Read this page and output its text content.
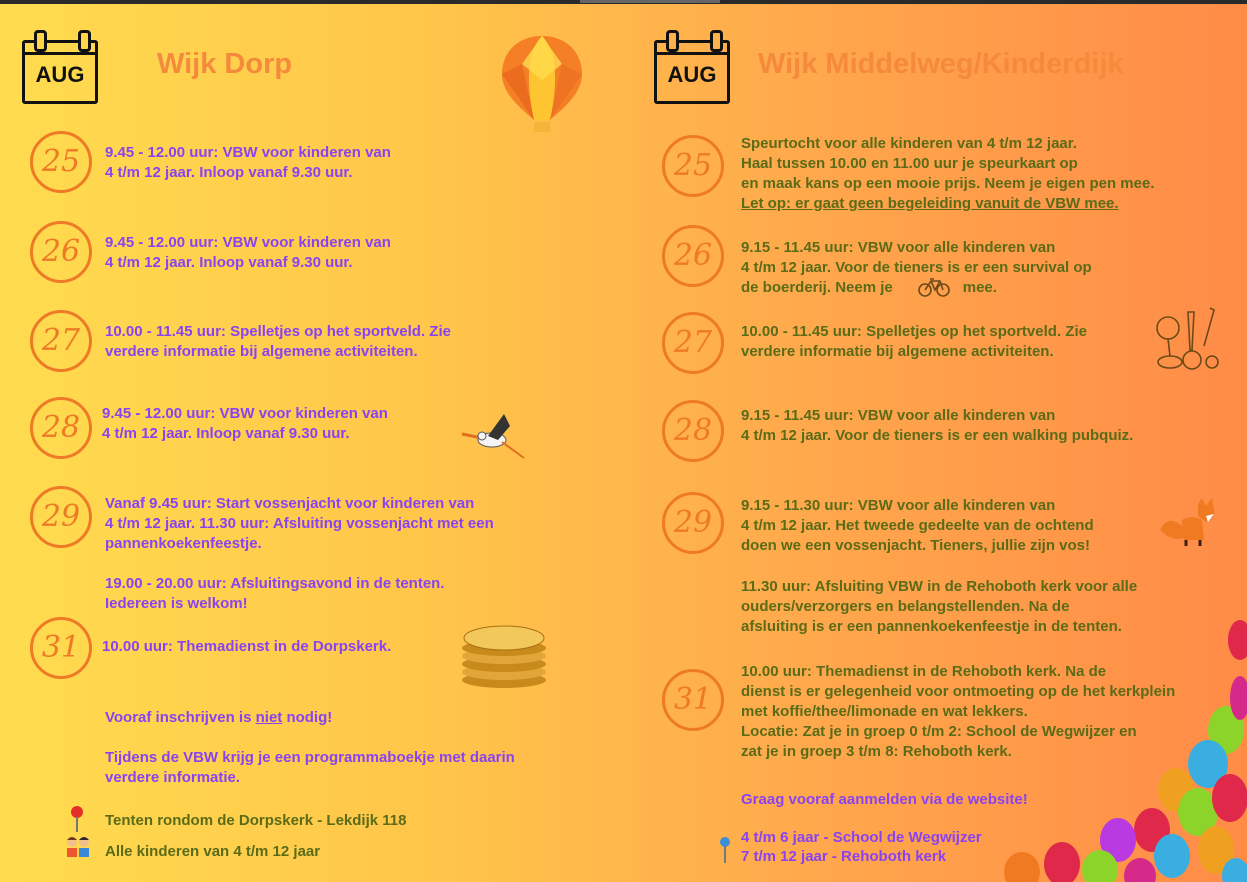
AUG	Wijk Dorp
25	9.45 - 12.00 uur: VBW voor kinderen van
4 t/m 12 jaar. Inloop vanaf 9.30 uur.
26	9.45 - 12.00 uur: VBW voor kinderen van
4 t/m 12 jaar. Inloop vanaf 9.30 uur.
27	10.00 - 11.45 uur: Spelletjes op het sportveld. Zie
verdere informatie bij algemene activiteiten.
28	9.45 - 12.00 uur: VBW voor kinderen van
4 t/m 12 jaar. Inloop vanaf 9.30 uur.
29	Vanaf 9.45 uur: Start vossenjacht voor kinderen van
4 t/m 12 jaar. 11.30 uur: Afsluiting vossenjacht met een
pannenkoekenfeestje.
19.00 - 20.00 uur: Afsluitingsavond in de tenten.
Iedereen is welkom!
31	10.00 uur: Themadienst in de Dorpskerk.
Vooraf inschrijven is niet nodig!
Tijdens de VBW krijg je een programmaboekje met daarin
verdere informatie.
Tenten rondom de Dorpskerk - Lekdijk 118
Alle kinderen van 4 t/m 12 jaar
AUG	Wijk Middelweg/Kinderdijk
25
Speurtocht voor alle kinderen van 4 t/m 12 jaar.
Haal tussen 10.00 en 11.00 uur je speurkaart op
en maak kans op een mooie prijs. Neem je eigen pen mee.
Let op: er gaat geen begeleiding vanuit de VBW mee.
26	9.15 - 11.45 uur: VBW voor alle kinderen van
4 t/m 12 jaar. Voor de tieners is er een survival op
de boerderij. Neem je	mee.
27	10.00 - 11.45 uur: Spelletjes op het sportveld. Zie
verdere informatie bij algemene activiteiten.
28	9.15 - 11.45 uur: VBW voor alle kinderen van
4 t/m 12 jaar. Voor de tieners is er een walking pubquiz.
29	9.15 - 11.30 uur: VBW voor alle kinderen van
4 t/m 12 jaar. Het tweede gedeelte van de ochtend
doen we een vossenjacht. Tieners, jullie zijn vos!
11.30 uur: Afsluiting VBW in de Rehoboth kerk voor alle
ouders/verzorgers en belangstellenden. Na de
afsluiting is er een pannenkoekenfeestje in de tenten.
31
10.00 uur: Themadienst in de Rehoboth kerk. Na de
dienst is er gelegenheid voor ontmoeting op de het kerkplein
met koffie/thee/limonade en wat lekkers.
Locatie: Zat je in groep 0 t/m 2: School de Wegwijzer en
zat je in groep 3 t/m 8: Rehoboth kerk.
Graag vooraf aanmelden via de website!
4 t/m 6 jaar - School de Wegwijzer
7 t/m 12 jaar - Rehoboth kerk
